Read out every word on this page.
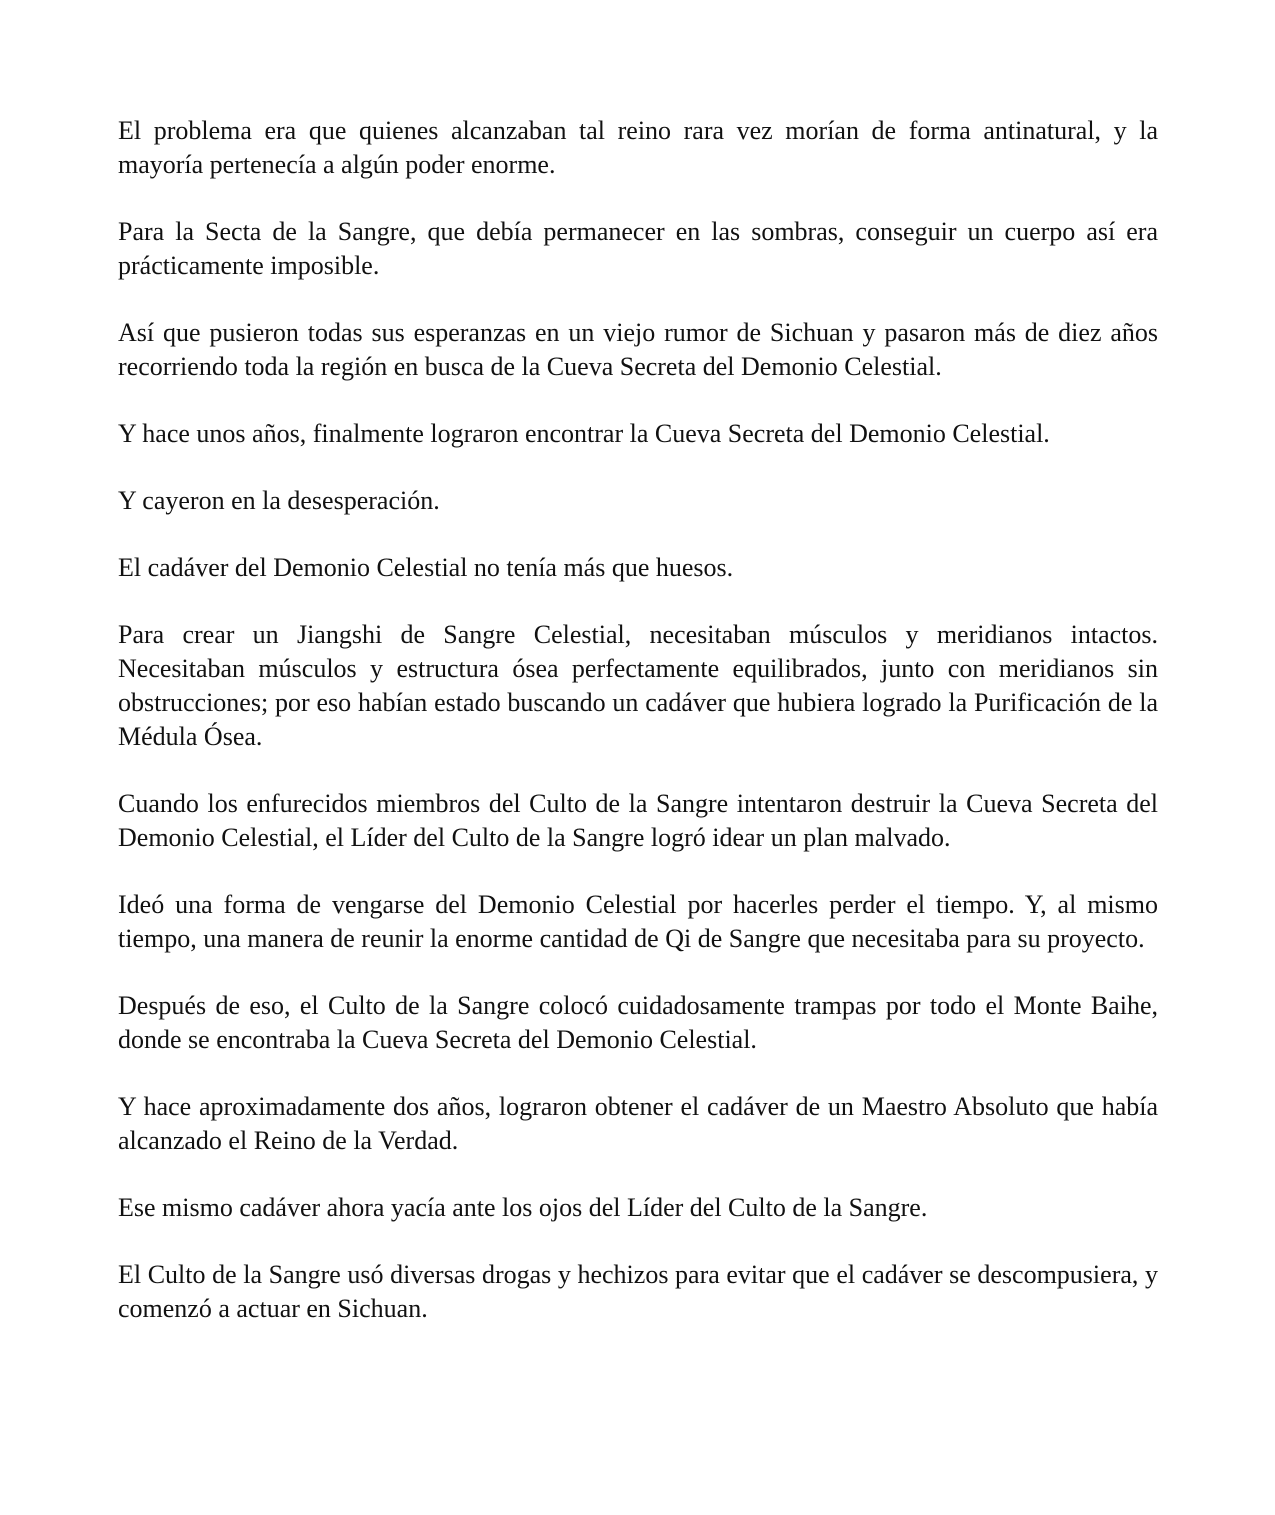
El problema era que quienes alcanzaban tal reino rara vez morían de forma antinatural, y la mayoría pertenecía a algún poder enorme.

Para la Secta de la Sangre, que debía permanecer en las sombras, conseguir un cuerpo así era prácticamente imposible.

Así que pusieron todas sus esperanzas en un viejo rumor de Sichuan y pasaron más de diez años recorriendo toda la región en busca de la Cueva Secreta del Demonio Celestial.

Y hace unos años, finalmente lograron encontrar la Cueva Secreta del Demonio Celestial.

Y cayeron en la desesperación.

El cadáver del Demonio Celestial no tenía más que huesos.

Para crear un Jiangshi de Sangre Celestial, necesitaban músculos y meridianos intactos. Necesitaban músculos y estructura ósea perfectamente equilibrados, junto con meridianos sin obstrucciones; por eso habían estado buscando un cadáver que hubiera logrado la Purificación de la Médula Ósea.

Cuando los enfurecidos miembros del Culto de la Sangre intentaron destruir la Cueva Secreta del Demonio Celestial, el Líder del Culto de la Sangre logró idear un plan malvado.

Ideó una forma de vengarse del Demonio Celestial por hacerles perder el tiempo. Y, al mismo tiempo, una manera de reunir la enorme cantidad de Qi de Sangre que necesitaba para su proyecto.

Después de eso, el Culto de la Sangre colocó cuidadosamente trampas por todo el Monte Baihe, donde se encontraba la Cueva Secreta del Demonio Celestial.

Y hace aproximadamente dos años, lograron obtener el cadáver de un Maestro Absoluto que había alcanzado el Reino de la Verdad.

Ese mismo cadáver ahora yacía ante los ojos del Líder del Culto de la Sangre.

El Culto de la Sangre usó diversas drogas y hechizos para evitar que el cadáver se descompusiera, y comenzó a actuar en Sichuan.
